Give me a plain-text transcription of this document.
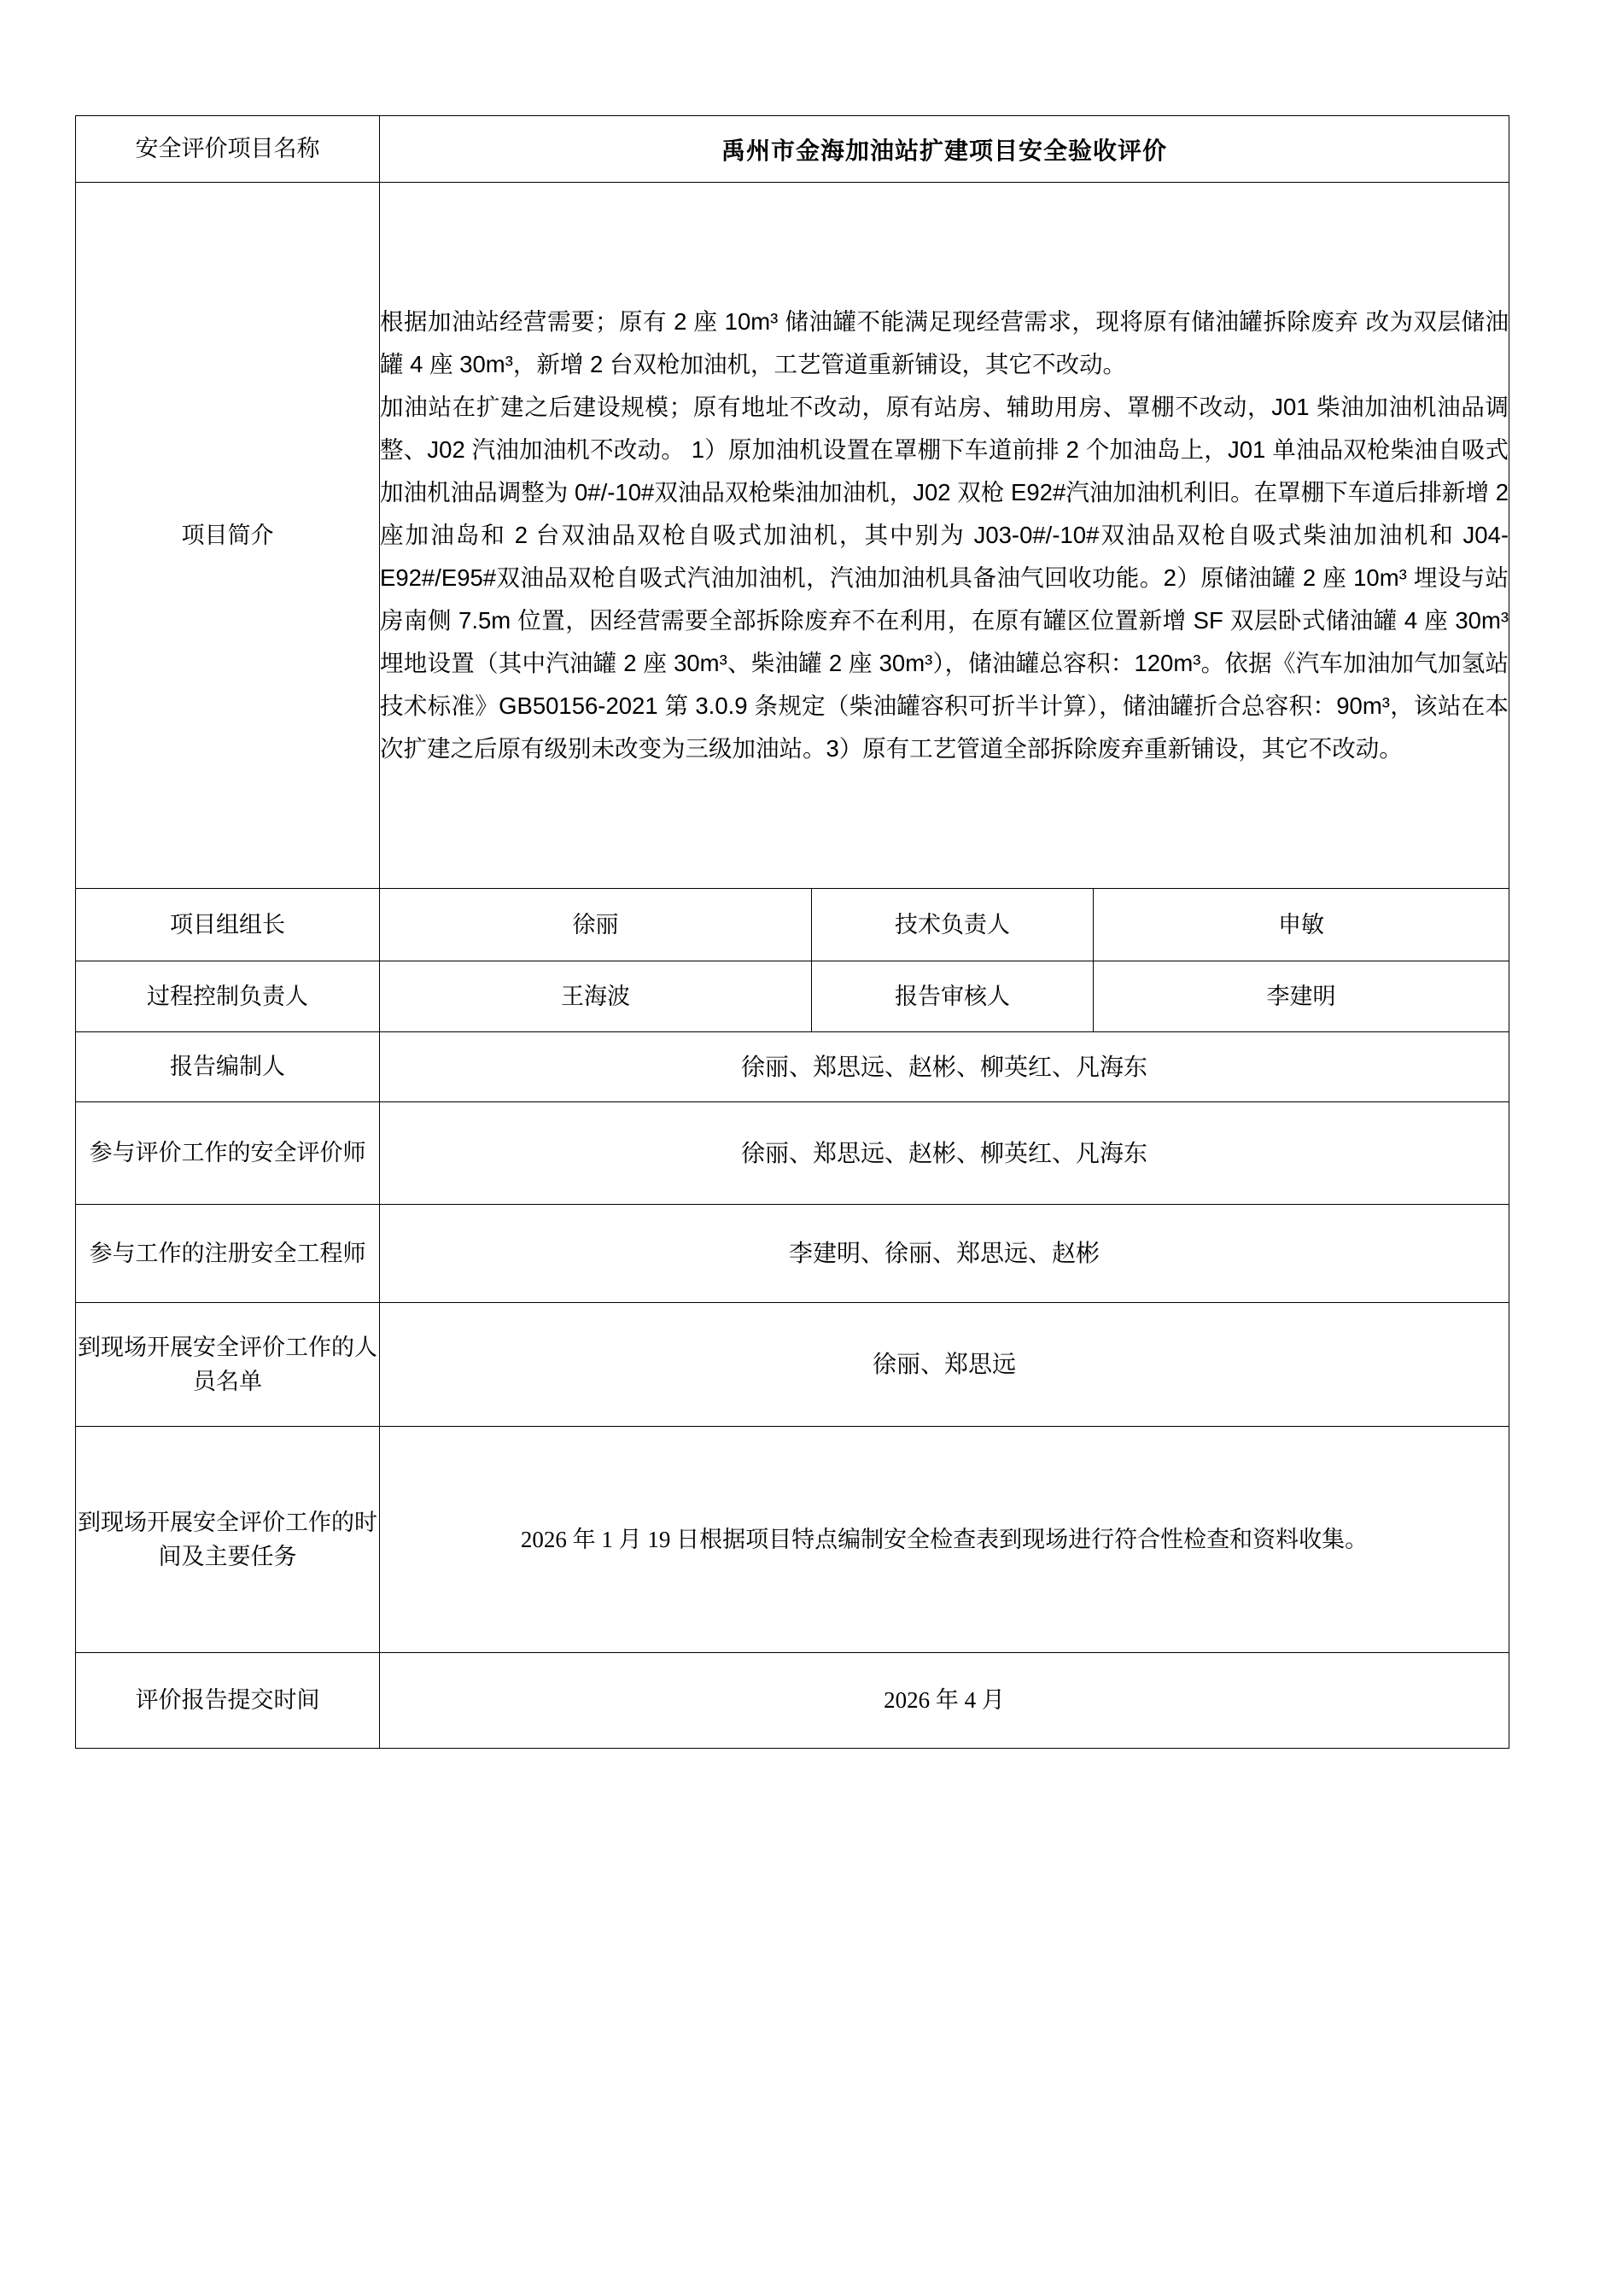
安全评价项目名称	禹州市金海加油站扩建项目安全验收评价		
项目简介	根据加油站经营需要；原有 2 座 10m³ 储油罐不能满足现经营需求，现将原有储油罐拆除废弃 改为双层储油罐 4 座 30m³，新增 2 台双枪加油机，工艺管道重新铺设，其它不改动。

加油站在扩建之后建设规模；原有地址不改动，原有站房、辅助用房、罩棚不改动，J01 柴油加油机油品调整、J02 汽油加油机不改动。 1）原加油机设置在罩棚下车道前排 2 个加油岛上，J01 单油品双枪柴油自吸式加油机油品调整为 0#/-10#双油品双枪柴油加油机，J02 双枪 E92#汽油加油机利旧。在罩棚下车道后排新增 2 座加油岛和 2 台双油品双枪自吸式加油机，其中别为 J03-0#/-10#双油品双枪自吸式柴油加油机和 J04-E92#/E95#双油品双枪自吸式汽油加油机，汽油加油机具备油气回收功能。2）原储油罐 2 座 10m³ 埋设与站房南侧 7.5m 位置，因经营需要全部拆除废弃不在利用，在原有罐区位置新增 SF 双层卧式储油罐 4 座 30m³ 埋地设置（其中汽油罐 2 座 30m³、柴油罐 2 座 30m³），储油罐总容积：120m³。依据《汽车加油加气加氢站技术标准》GB50156-2021 第 3.0.9 条规定（柴油罐容积可折半计算），储油罐折合总容积：90m³，该站在本次扩建之后原有级别未改变为三级加油站。3）原有工艺管道全部拆除废弃重新铺设，其它不改动。		

项目组组长	徐丽	技术负责人	申敏
过程控制负责人	王海波	报告审核人	李建明
报告编制人	徐丽、郑思远、赵彬、柳英红、凡海东		
参与评价工作的安全评价师	徐丽、郑思远、赵彬、柳英红、凡海东		
参与工作的注册安全工程师	李建明、徐丽、郑思远、赵彬		
到现场开展安全评价工作的人员名单	徐丽、郑思远		
到现场开展安全评价工作的时间及主要任务	2026 年 1 月 19 日根据项目特点编制安全检查表到现场进行符合性检查和资料收集。		
评价报告提交时间	2026 年 4 月		
